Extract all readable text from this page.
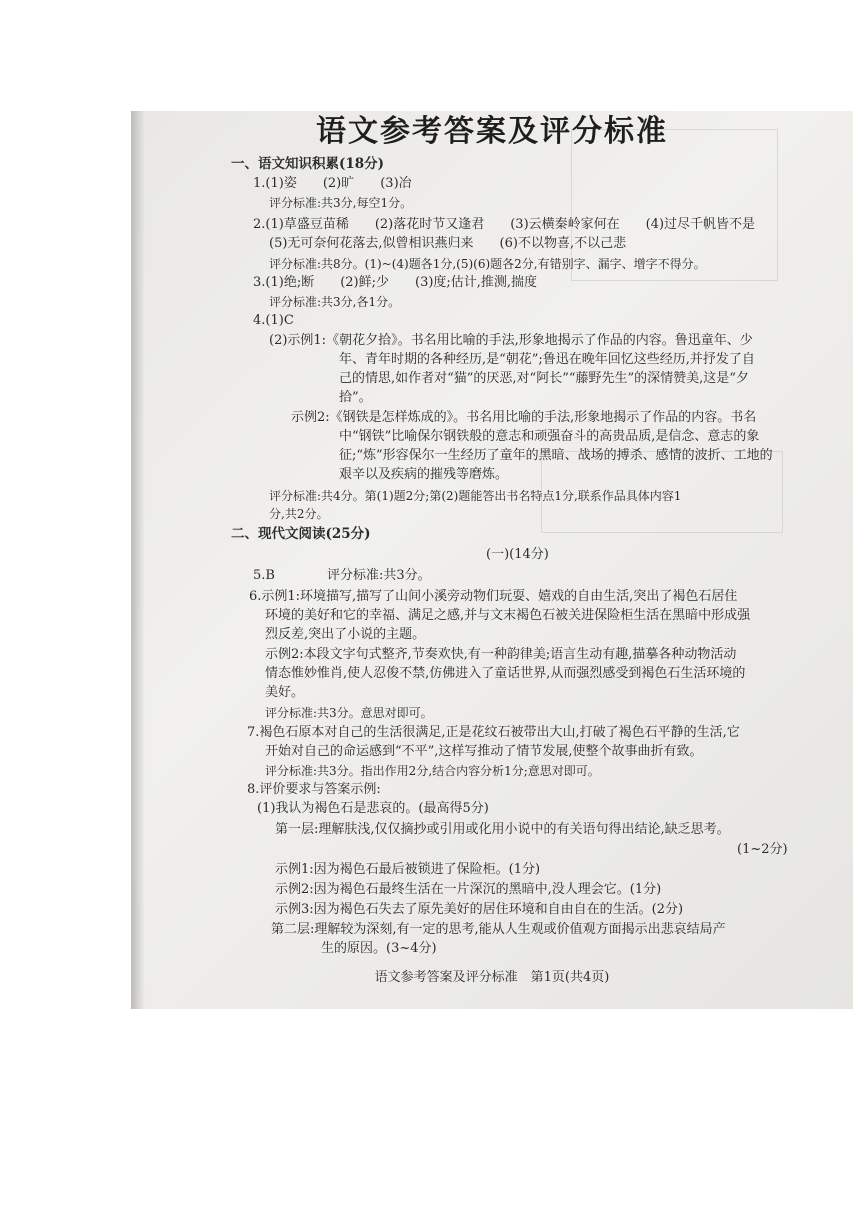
语文参考答案及评分标准
一、语文知识积累(18分)
1.(1)姿　　(2)旷　　(3)冶
评分标准:共3分,每空1分。
2.(1)草盛豆苗稀　　(2)落花时节又逢君　　(3)云横秦岭家何在　　(4)过尽千帆皆不是
(5)无可奈何花落去,似曾相识燕归来　　(6)不以物喜,不以己悲
评分标准:共8分。(1)~(4)题各1分,(5)(6)题各2分,有错别字、漏字、增字不得分。
3.(1)绝;断　　(2)鲜;少　　(3)度;估计,推测,揣度
评分标准:共3分,各1分。
4.(1)C
(2)示例1:《朝花夕拾》。书名用比喻的手法,形象地揭示了作品的内容。鲁迅童年、少
年、青年时期的各种经历,是“朝花”;鲁迅在晚年回忆这些经历,并抒发了自
己的情思,如作者对“猫”的厌恶,对“阿长”“藤野先生”的深情赞美,这是“夕
拾”。
示例2:《钢铁是怎样炼成的》。书名用比喻的手法,形象地揭示了作品的内容。书名
中“钢铁”比喻保尔钢铁般的意志和顽强奋斗的高贵品质,是信念、意志的象
征;“炼”形容保尔一生经历了童年的黑暗、战场的搏杀、感情的波折、工地的
艰辛以及疾病的摧残等磨炼。
评分标准:共4分。第(1)题2分;第(2)题能答出书名特点1分,联系作品具体内容1
分,共2分。
二、现代文阅读(25分)
(一)(14分)
5.B　　　　评分标准:共3分。
6.示例1:环境描写,描写了山间小溪旁动物们玩耍、嬉戏的自由生活,突出了褐色石居住
环境的美好和它的幸福、满足之感,并与文末褐色石被关进保险柜生活在黑暗中形成强
烈反差,突出了小说的主题。
示例2:本段文字句式整齐,节奏欢快,有一种韵律美;语言生动有趣,描摹各种动物活动
情态惟妙惟肖,使人忍俊不禁,仿佛进入了童话世界,从而强烈感受到褐色石生活环境的
美好。
评分标准:共3分。意思对即可。
7.褐色石原本对自己的生活很满足,正是花纹石被带出大山,打破了褐色石平静的生活,它
开始对自己的命运感到“不平”,这样写推动了情节发展,使整个故事曲折有致。
评分标准:共3分。指出作用2分,结合内容分析1分;意思对即可。
8.评价要求与答案示例:
(1)我认为褐色石是悲哀的。(最高得5分)
第一层:理解肤浅,仅仅摘抄或引用或化用小说中的有关语句得出结论,缺乏思考。
(1~2分)
示例1:因为褐色石最后被锁进了保险柜。(1分)
示例2:因为褐色石最终生活在一片深沉的黑暗中,没人理会它。(1分)
示例3:因为褐色石失去了原先美好的居住环境和自由自在的生活。(2分)
第二层:理解较为深刻,有一定的思考,能从人生观或价值观方面揭示出悲哀结局产
生的原因。(3~4分)
语文参考答案及评分标准　第1页(共4页)
